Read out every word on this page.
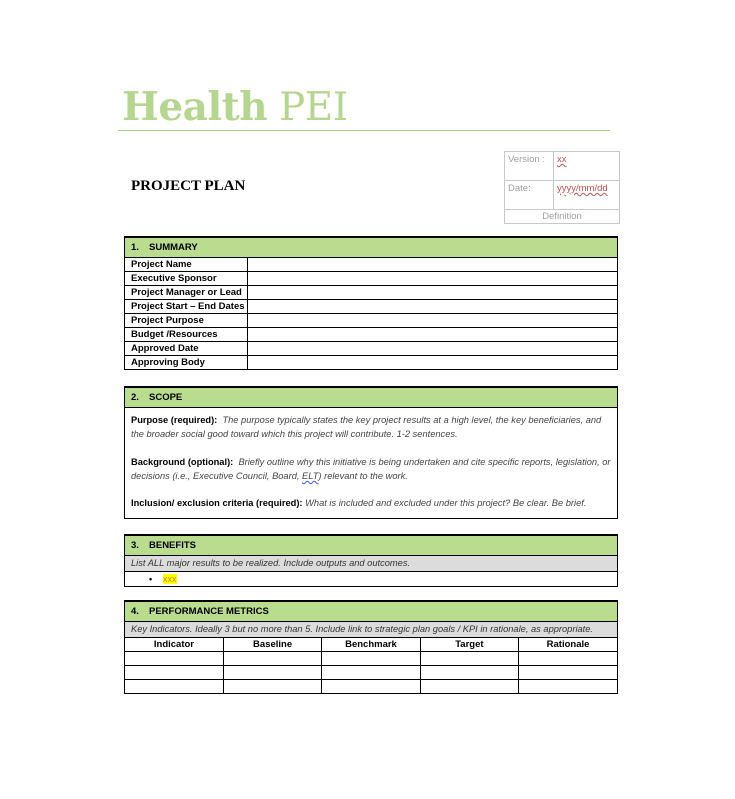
Health PEI
PROJECT PLAN
Version :	xx
Date:	yyyy/mm/dd
Definition	
1. SUMMARY
Project Name	
Executive Sponsor	
Project Manager or Lead	
Project Start – End Dates	
Project Purpose	
Budget /Resources	
Approved Date	
Approving Body	
2. SCOPE

Purpose (required): The purpose typically states the key project results at a high level, the key beneficiaries, and the broader social good toward which this project will contribute. 1-2 sentences.

Background (optional): Briefly outline why this initiative is being undertaken and cite specific reports, legislation, or decisions (i.e., Executive Council, Board, ELT) relevant to the work.

Inclusion/ exclusion criteria (required): What is included and excluded under this project? Be clear. Be brief.

3. BENEFITS
List ALL major results to be realized. Include outputs and outcomes.
• xxx
4. PERFORMANCE METRICS
Key Indicators. Ideally 3 but no more than 5. Include link to strategic plan goals / KPI in rationale, as appropriate.
Indicator	Baseline	Benchmark	Target	Rationale
